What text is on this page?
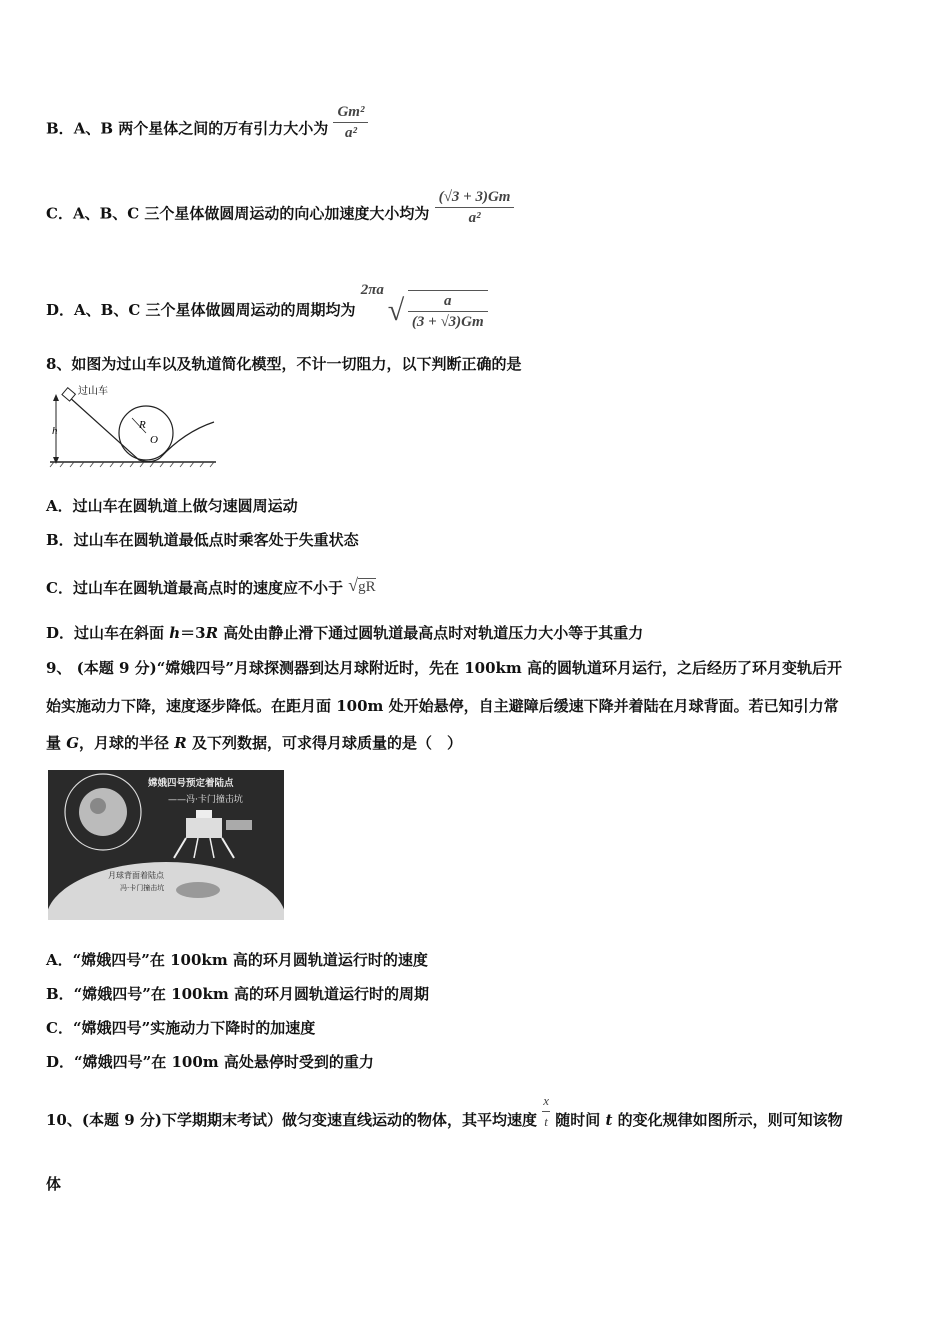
B．A、B 两个星体之间的万有引力大小为 $\frac{\text{Gm²}}{\text{a²}}$
C．A、B、C 三个星体做圆周运动的向心加速度大小均为 $\frac{(√3 + 3)Gm}{\text{a²}}$
D．A、B、C 三个星体做圆周运动的周期均为 2πa √ $\frac{a}{(3 + √3)Gm}$
8、如图为过山车以及轨道简化模型，不计一切阻力，以下判断正确的是
h
过山车
R
O
A．过山车在圆轨道上做匀速圆周运动
B．过山车在圆轨道最低点时乘客处于失重状态
C．过山车在圆轨道最高点时的速度应不小于 √gR
D．过山车在斜面 h＝3R 高处由静止滑下通过圆轨道最高点时对轨道压力大小等于其重力
9、 (本题 9 分)“嫦娥四号”月球探测器到达月球附近时，先在 100km 高的圆轨道环月运行，之后经历了环月变轨后开
始实施动力下降，速度逐步降低。在距月面 100m 处开始悬停，自主避障后缓速下降并着陆在月球背面。若已知引力常
量 G，月球的半径 R 及下列数据，可求得月球质量的是（　）
嫦娥四号预定着陆点
——冯·卡门撞击坑
月球背面着陆点
冯·卡门撞击坑
A．“嫦娥四号”在 100km 高的环月圆轨道运行时的速度
B．“嫦娥四号”在 100km 高的环月圆轨道运行时的周期
C．“嫦娥四号”实施动力下降时的加速度
D．“嫦娥四号”在 100m 高处悬停时受到的重力
10、(本题 9 分)下学期期末考试）做匀变速直线运动的物体，其平均速度 $\frac{x}{t}$ 随时间 t 的变化规律如图所示，则可知该物
体
